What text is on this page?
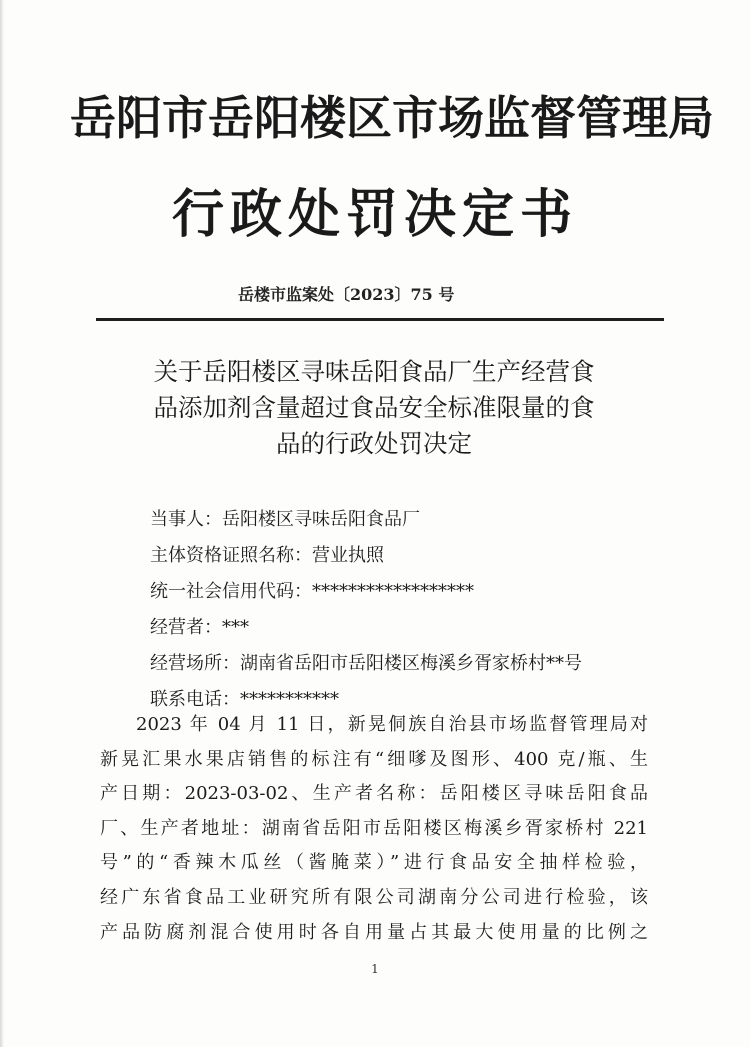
岳阳市岳阳楼区市场监督管理局
行政处罚决定书
岳楼市监案处〔2023〕75 号
关于岳阳楼区寻味岳阳食品厂生产经营食
品添加剂含量超过食品安全标准限量的食
品的行政处罚决定
当事人：岳阳楼区寻味岳阳食品厂
主体资格证照名称：营业执照
统一社会信用代码：******************
经营者：***
经营场所：湖南省岳阳市岳阳楼区梅溪乡胥家桥村**号
联系电话：***********
2023 年 04 月 11 日，新晃侗族自治县市场监督管理局对
新晃汇果水果店销售的标注有“细嗲及图形、400 克/瓶、生
产日期：2023-03-02、生产者名称：岳阳楼区寻味岳阳食品
厂、生产者地址：湖南省岳阳市岳阳楼区梅溪乡胥家桥村 221
号”的“香辣木瓜丝（酱腌菜）”进行食品安全抽样检验，
经广东省食品工业研究所有限公司湖南分公司进行检验，该
产品防腐剂混合使用时各自用量占其最大使用量的比例之
1
